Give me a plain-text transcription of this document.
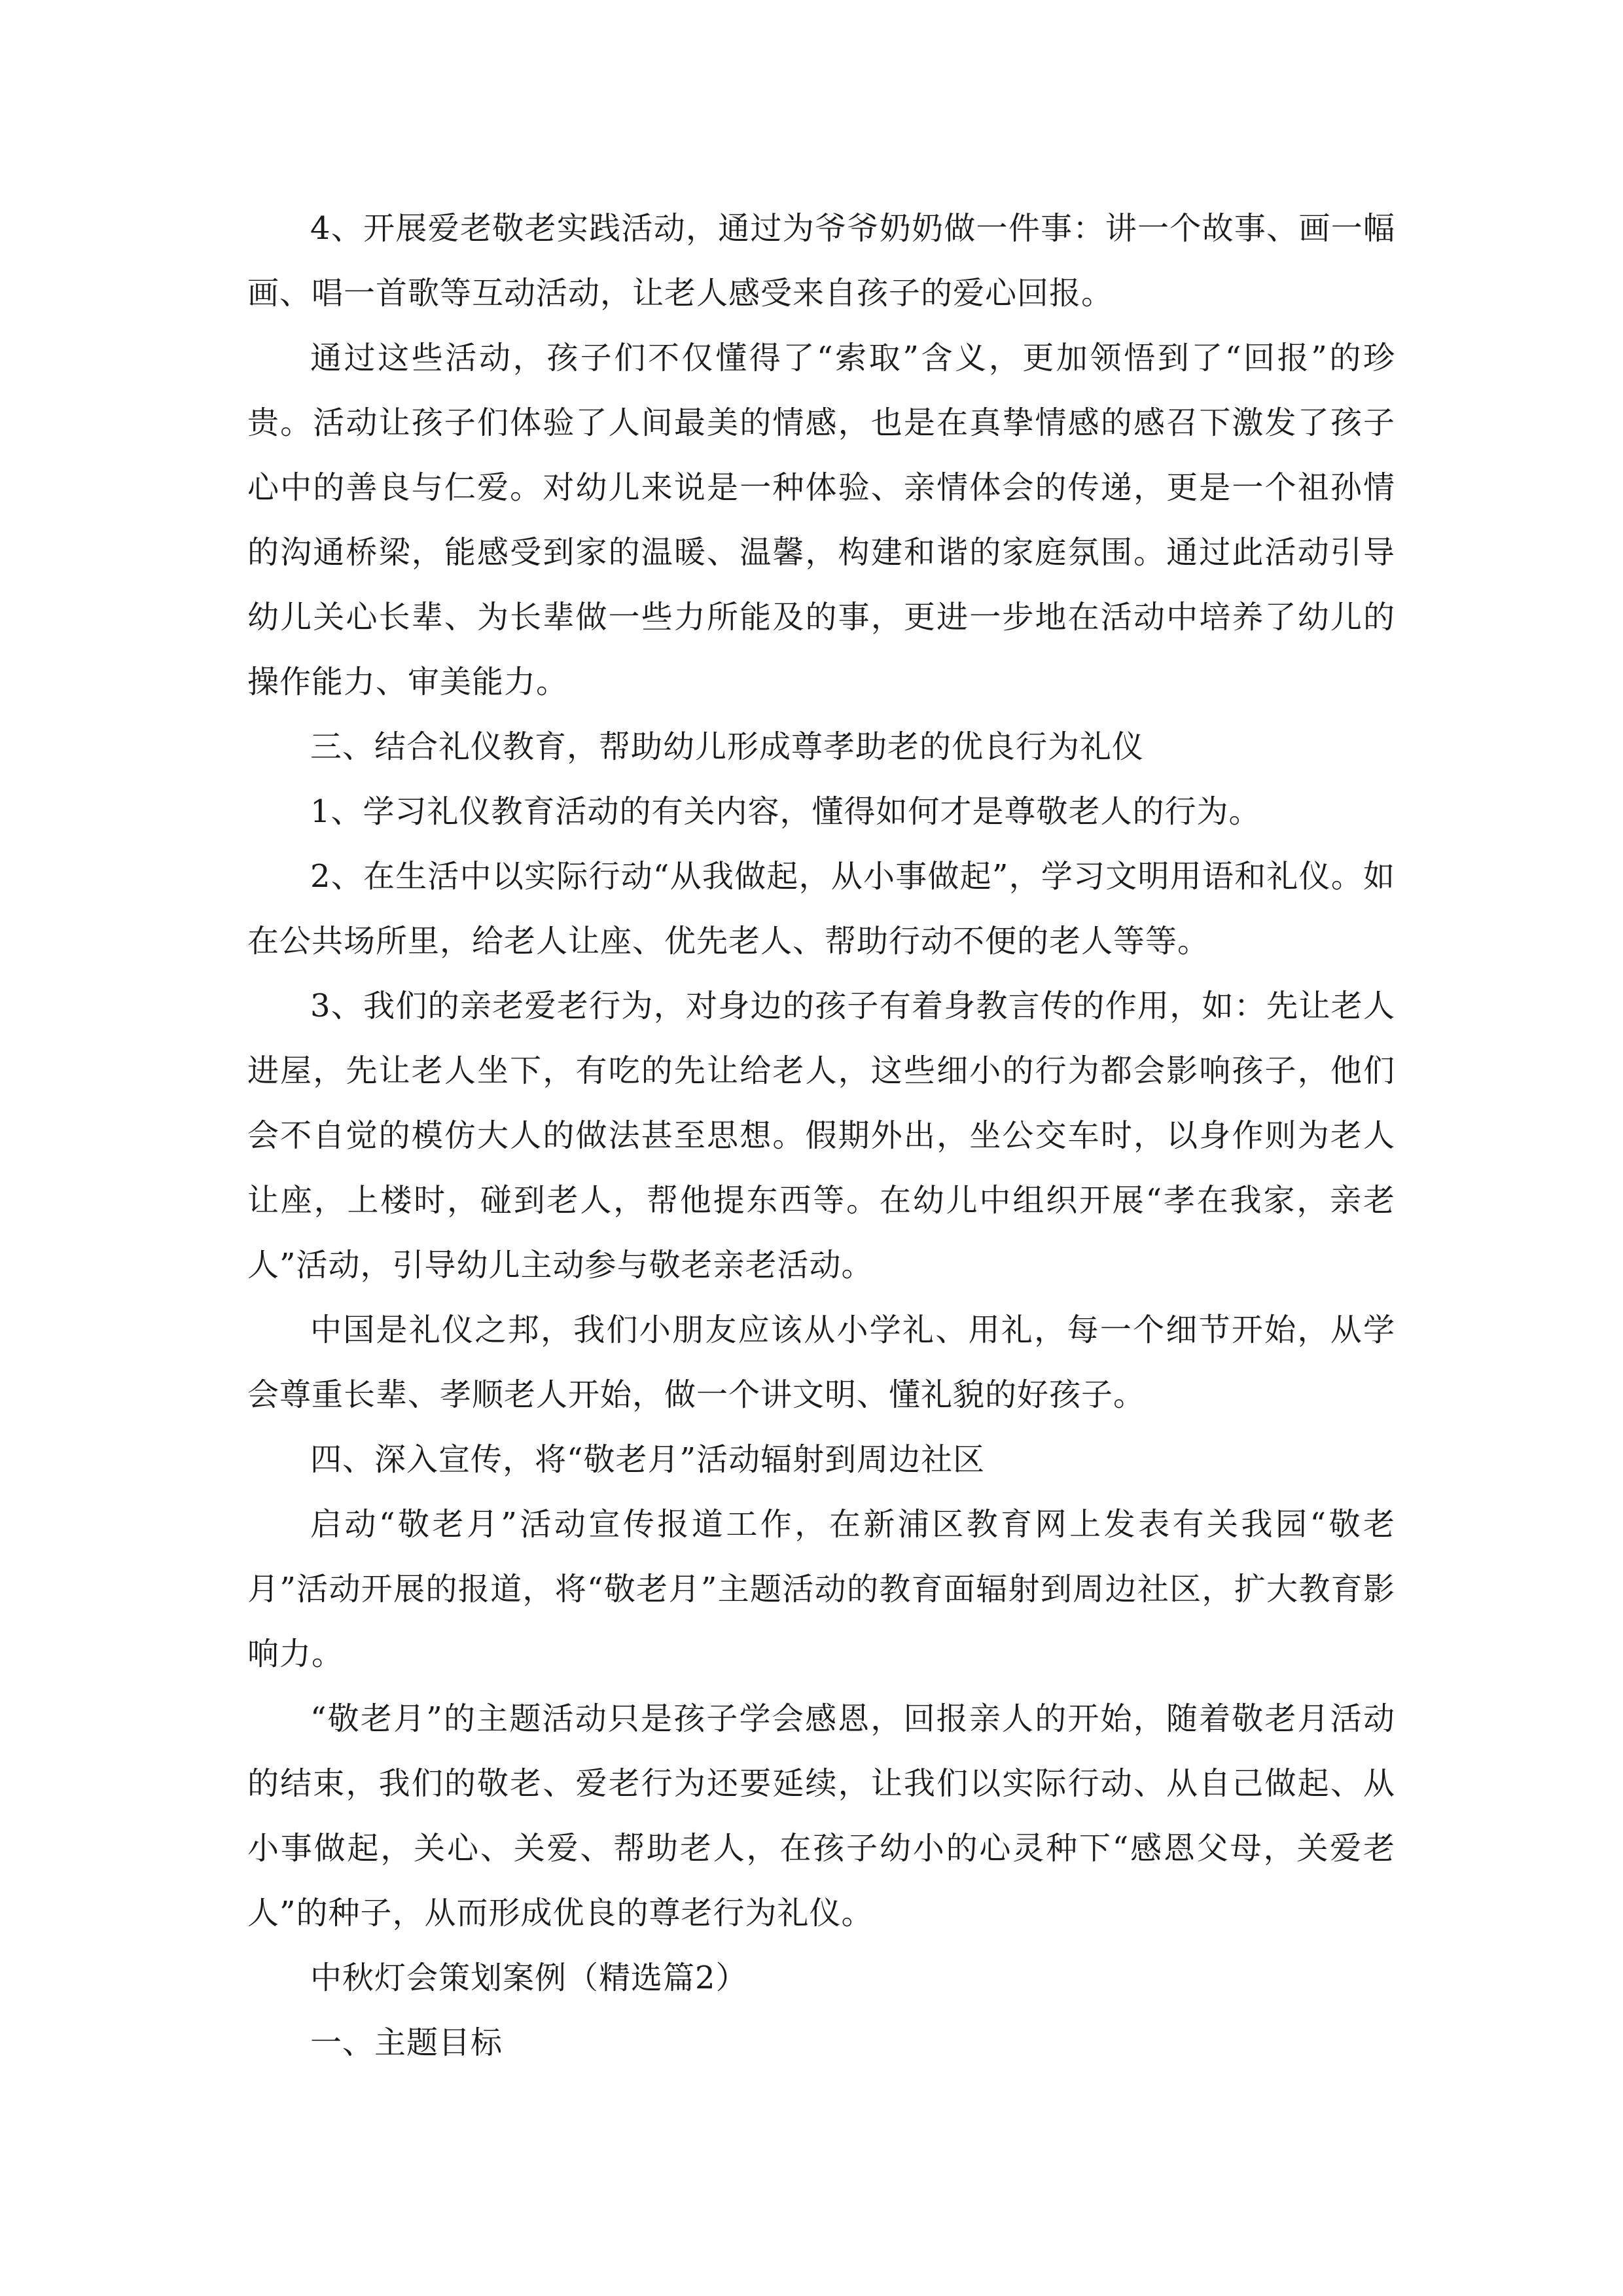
4、开展爱老敬老实践活动，通过为爷爷奶奶做一件事：讲一个故事、画一幅画、唱一首歌等互动活动，让老人感受来自孩子的爱心回报。

通过这些活动，孩子们不仅懂得了“索取”含义，更加领悟到了“回报”的珍贵。活动让孩子们体验了人间最美的情感，也是在真挚情感的感召下激发了孩子心中的善良与仁爱。对幼儿来说是一种体验、亲情体会的传递，更是一个祖孙情的沟通桥梁，能感受到家的温暖、温馨，构建和谐的家庭氛围。通过此活动引导幼儿关心长辈、为长辈做一些力所能及的事，更进一步地在活动中培养了幼儿的操作能力、审美能力。

三、结合礼仪教育，帮助幼儿形成尊孝助老的优良行为礼仪

1、学习礼仪教育活动的有关内容，懂得如何才是尊敬老人的行为。

2、在生活中以实际行动“从我做起，从小事做起”，学习文明用语和礼仪。如在公共场所里，给老人让座、优先老人、帮助行动不便的老人等等。

3、我们的亲老爱老行为，对身边的孩子有着身教言传的作用，如：先让老人进屋，先让老人坐下，有吃的先让给老人，这些细小的行为都会影响孩子，他们会不自觉的模仿大人的做法甚至思想。假期外出，坐公交车时，以身作则为老人让座，上楼时，碰到老人，帮他提东西等。在幼儿中组织开展“孝在我家，亲老人”活动，引导幼儿主动参与敬老亲老活动。

中国是礼仪之邦，我们小朋友应该从小学礼、用礼，每一个细节开始，从学会尊重长辈、孝顺老人开始，做一个讲文明、懂礼貌的好孩子。

四、深入宣传，将“敬老月”活动辐射到周边社区

启动“敬老月”活动宣传报道工作，在新浦区教育网上发表有关我园“敬老月”活动开展的报道，将“敬老月”主题活动的教育面辐射到周边社区，扩大教育影响力。

“敬老月”的主题活动只是孩子学会感恩，回报亲人的开始，随着敬老月活动的结束，我们的敬老、爱老行为还要延续，让我们以实际行动、从自己做起、从小事做起，关心、关爱、帮助老人，在孩子幼小的心灵种下“感恩父母，关爱老人”的种子，从而形成优良的尊老行为礼仪。

中秋灯会策划案例（精选篇2）

一、主题目标
